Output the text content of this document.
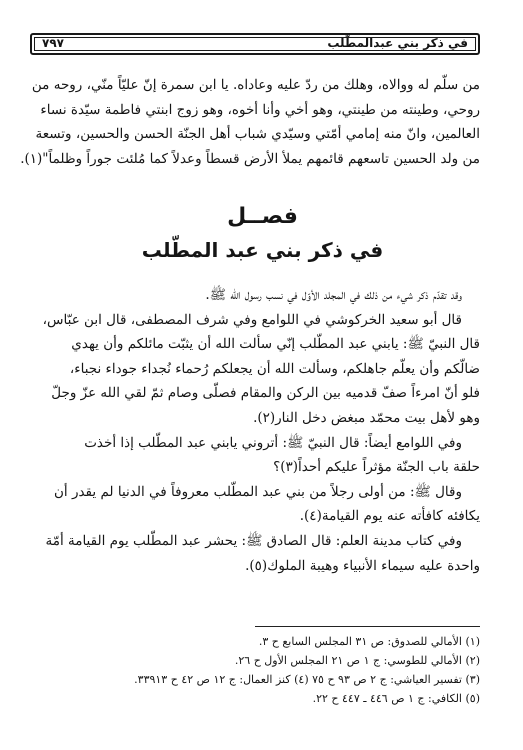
في ذكر بني عبدالمطّلب
٧٩٧

من سلّم له ووالاه، وهلك من ردّ عليه وعاداه. يا ابن سمرة إنّ عليّاً منّي، روحه من

روحي، وطينته من طينتي، وهو أخي وأنا أخوه، وهو زوج ابنتي فاطمة سيّدة نساء

العالمين، وانّ منه إمامي أمّتي وسيّدي شباب أهل الجنّة الحسن والحسين، وتسعة

من ولد الحسين تاسعهم قائمهم يملأ الأرض قسطاً وعدلاً كما مُلئت جوراً وظلماً"(١).

فصــل
في ذكر بني عبد المطّلب

وقد تقدّم ذكر شيء من ذلك في المجلد الأوّل في نسب رسول الله ﷺ.

قال أبو سعيد الخركوشي في اللوامع وفي شرف المصطفى، قال ابن عبّاس،

قال النبيّ ﷺ: يابني عبد المطّلب إنّي سألت الله أن يثبّت مائلكم وأن يهدي

ضالّكم وأن يعلّم جاهلكم، وسألت الله أن يجعلكم رُحماء نُجداء جوداء نجباء،

فلو أنّ امرءاً صفّ قدميه بين الركن والمقام فصلّى وصام ثمّ لقي الله عزّ وجلّ

وهو لأهل بيت محمّد مبغض دخل النار(٢).

وفي اللوامع أيضاً: قال النبيّ ﷺ: أتروني يابني عبد المطّلب إذا أخذت

حلقة باب الجنّة مؤثراً عليكم أحداً(٣)؟

وقال ﷺ: من أولى رجلاً من بني عبد المطّلب معروفاً في الدنيا لم يقدر أن

يكافئه كافأته عنه يوم القيامة(٤).

وفي كتاب مدينة العلم: قال الصادق ﷺ: يحشر عبد المطّلب يوم القيامة أمّة

واحدة عليه سيماء الأنبياء وهيبة الملوك(٥).

(١) الأمالي للصدوق: ص ٣١ المجلس السابع ح ٣.

(٢) الأمالي للطوسي: ج ١ ص ٢١ المجلس الأول ح ٢٦.

(٣) تفسير العياشي: ج ٢ ص ٩٣ ح ٧٥ (٤) كنز العمال: ج ١٢ ص ٤٢ ح ٣٣٩١٣.

(٥) الكافي: ج ١ ص ٤٤٦ ـ ٤٤٧ ح ٢٢.
